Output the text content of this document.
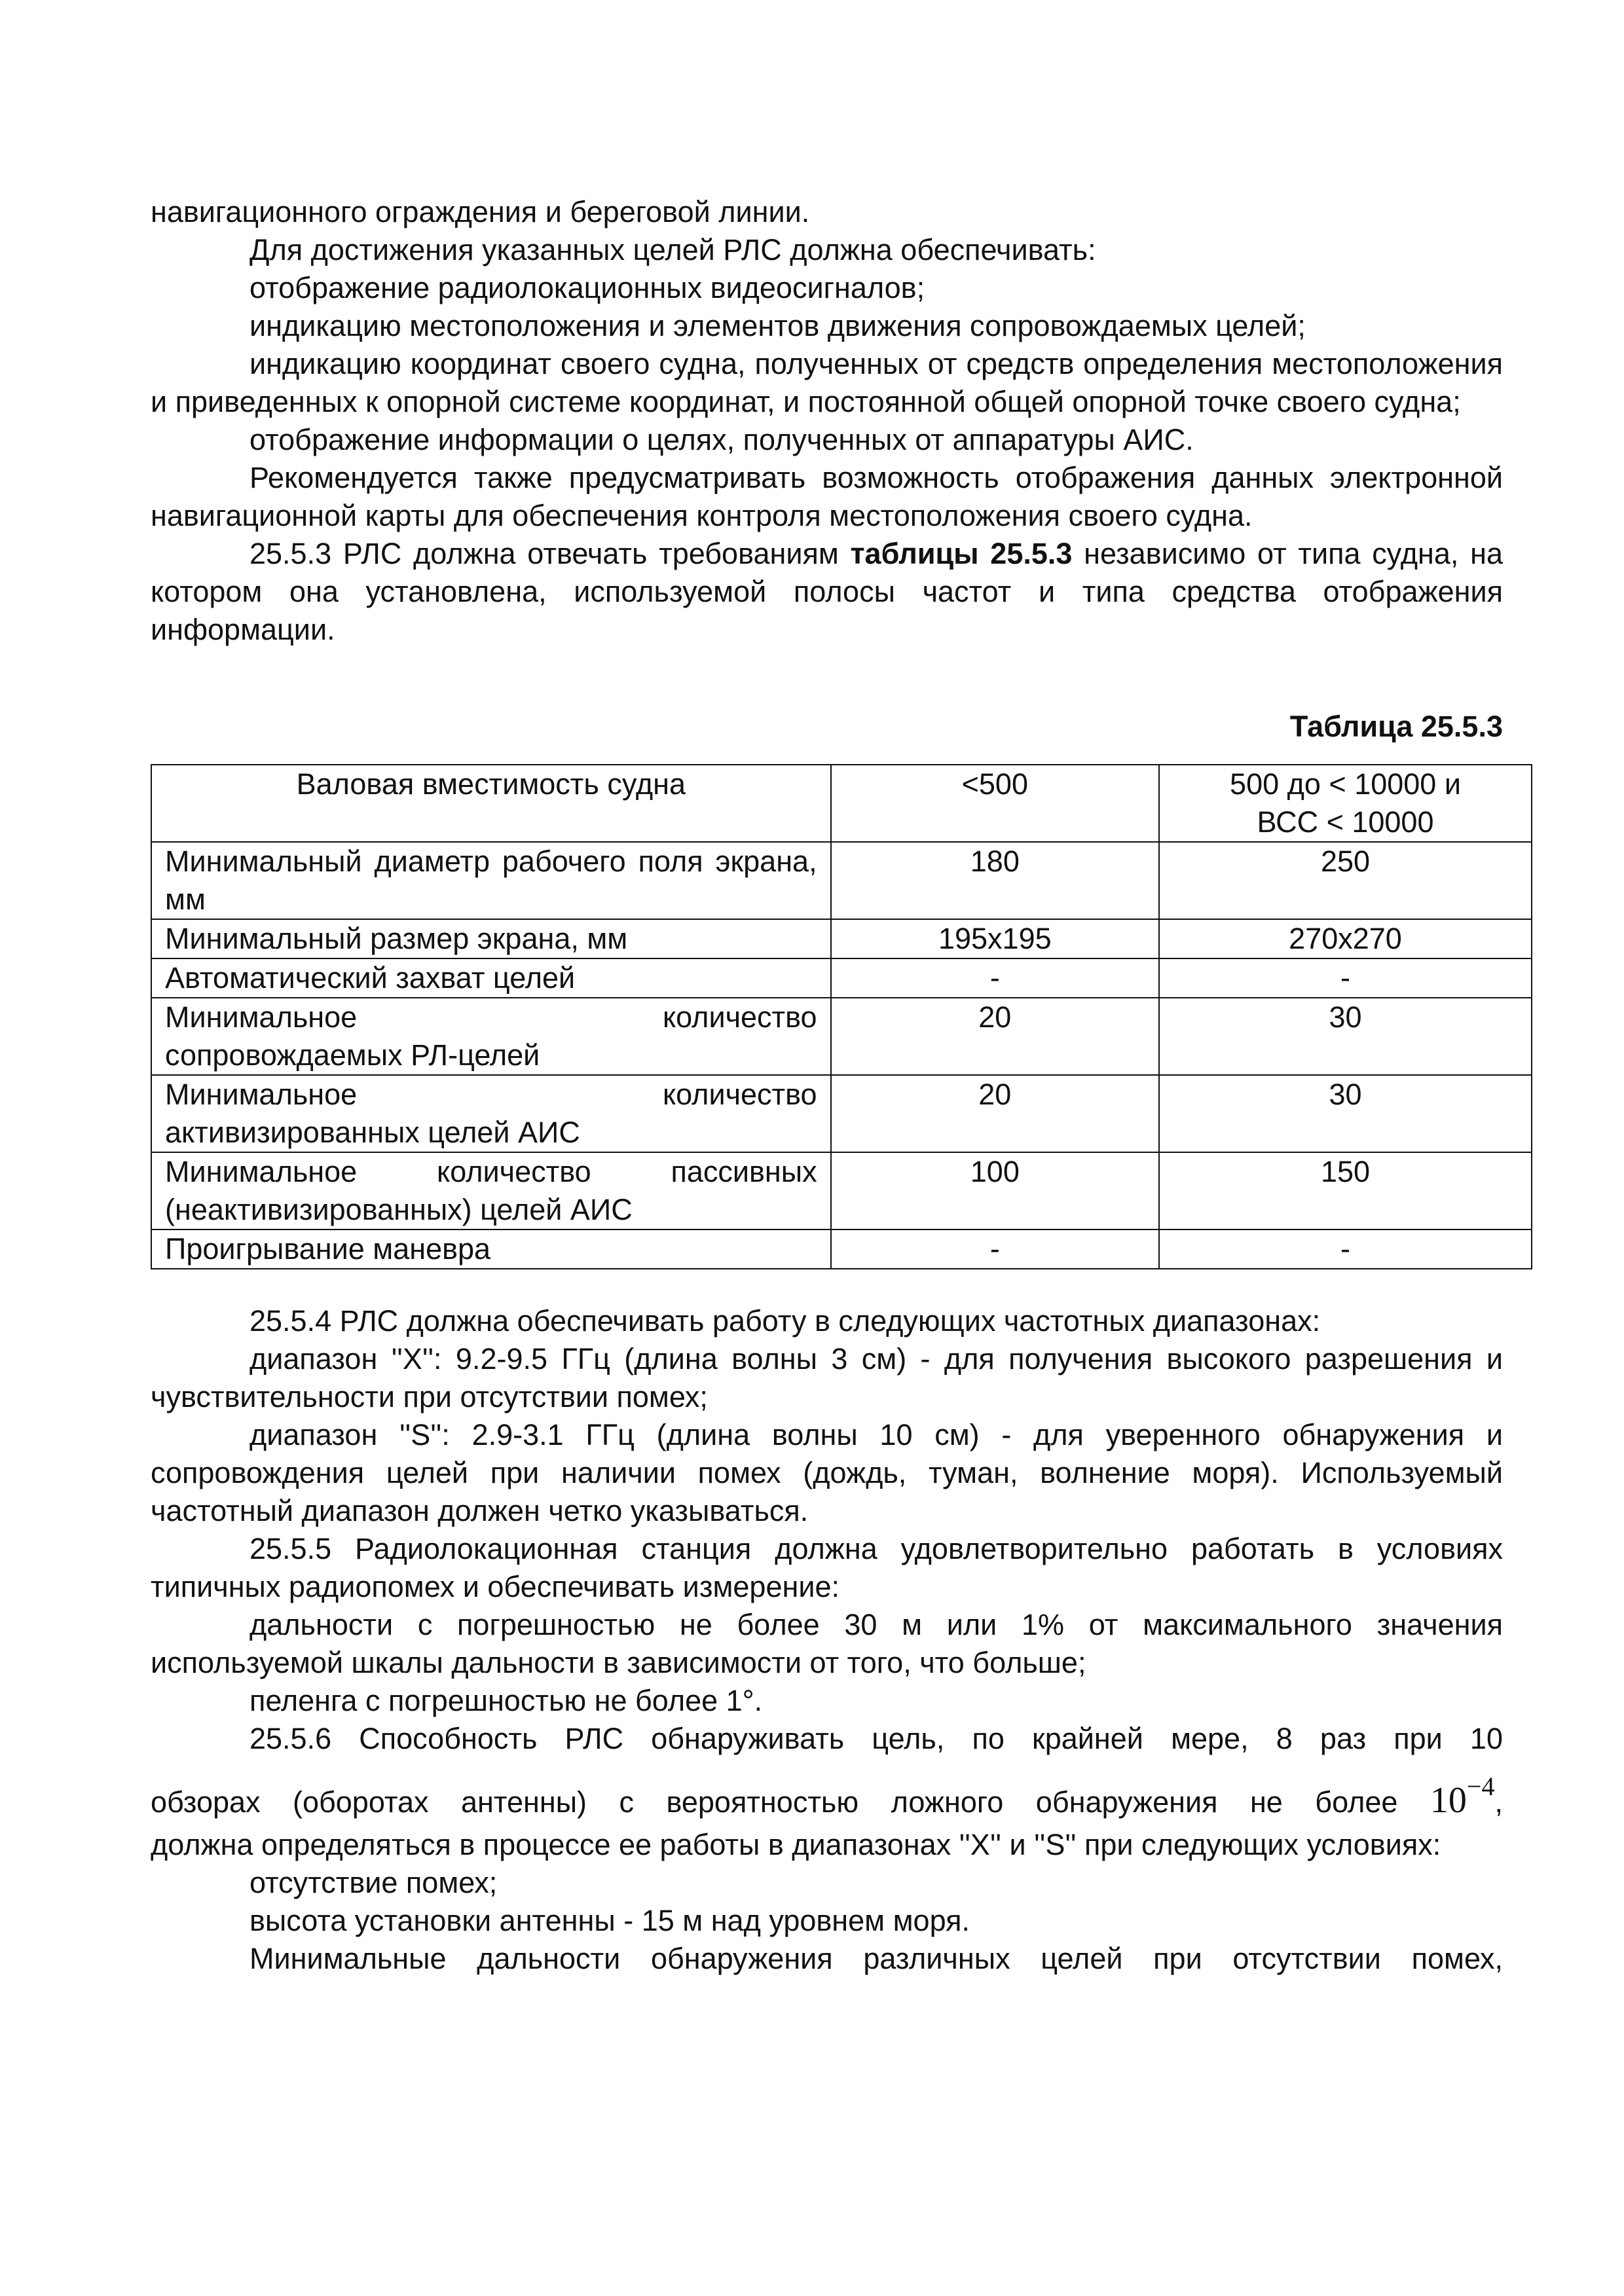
навигационного ограждения и береговой линии.

Для достижения указанных целей РЛС должна обеспечивать:

отображение радиолокационных видеосигналов;

индикацию местоположения и элементов движения сопровождаемых целей;

индикацию координат своего судна, полученных от средств определения местоположения и приведенных к опорной системе координат, и постоянной общей опорной точке своего судна;

отображение информации о целях, полученных от аппаратуры АИС.

Рекомендуется также предусматривать возможность отображения данных электронной навигационной карты для обеспечения контроля местоположения своего судна.

25.5.3 РЛС должна отвечать требованиям таблицы 25.5.3 независимо от типа судна, на котором она установлена, используемой полосы частот и типа средства отображения информации.

Таблица 25.5.3
Валовая вместимость судна	<500	500 до < 10000 и
ВСС < 10000

Минимальный диаметр рабочего поля экрана, мм	180	250
Минимальный размер экрана, мм	195x195	270x270
Автоматический захват целей	-	-

Минимальное количество
сопровождаемых РЛ-целей	20	30

Минимальное количество
активизированных целей АИС	20	30

Минимальное количество пассивных
(неактивизированных) целей АИС	100	150
Проигрывание маневра	-	-

25.5.4 РЛС должна обеспечивать работу в следующих частотных диапазонах:

диапазон ''X'': 9.2-9.5 ГГц (длина волны 3 см) - для получения высокого разрешения и чувствительности при отсутствии помех;

диапазон ''S'': 2.9-3.1 ГГц (длина волны 10 см) - для уверенного обнаружения и сопровождения целей при наличии помех (дождь, туман, волнение моря). Используемый частотный диапазон должен четко указываться.

25.5.5 Радиолокационная станция должна удовлетворительно работать в условиях типичных радиопомех и обеспечивать измерение:

дальности с погрешностью не более 30 м или 1% от максимального значения используемой шкалы дальности в зависимости от того, что больше;

пеленга с погрешностью не более 1°.

25.5.6 Способность РЛС обнаруживать цель, по крайней мере, 8 раз при 10

обзорах (оборотах антенны) с вероятностью ложного обнаружения не более $10^{-4}$,

должна определяться в процессе ее работы в диапазонах ''X'' и ''S'' при следующих условиях:

отсутствие помех;

высота установки антенны - 15 м над уровнем моря.

Минимальные дальности обнаружения различных целей при отсутствии помех,
